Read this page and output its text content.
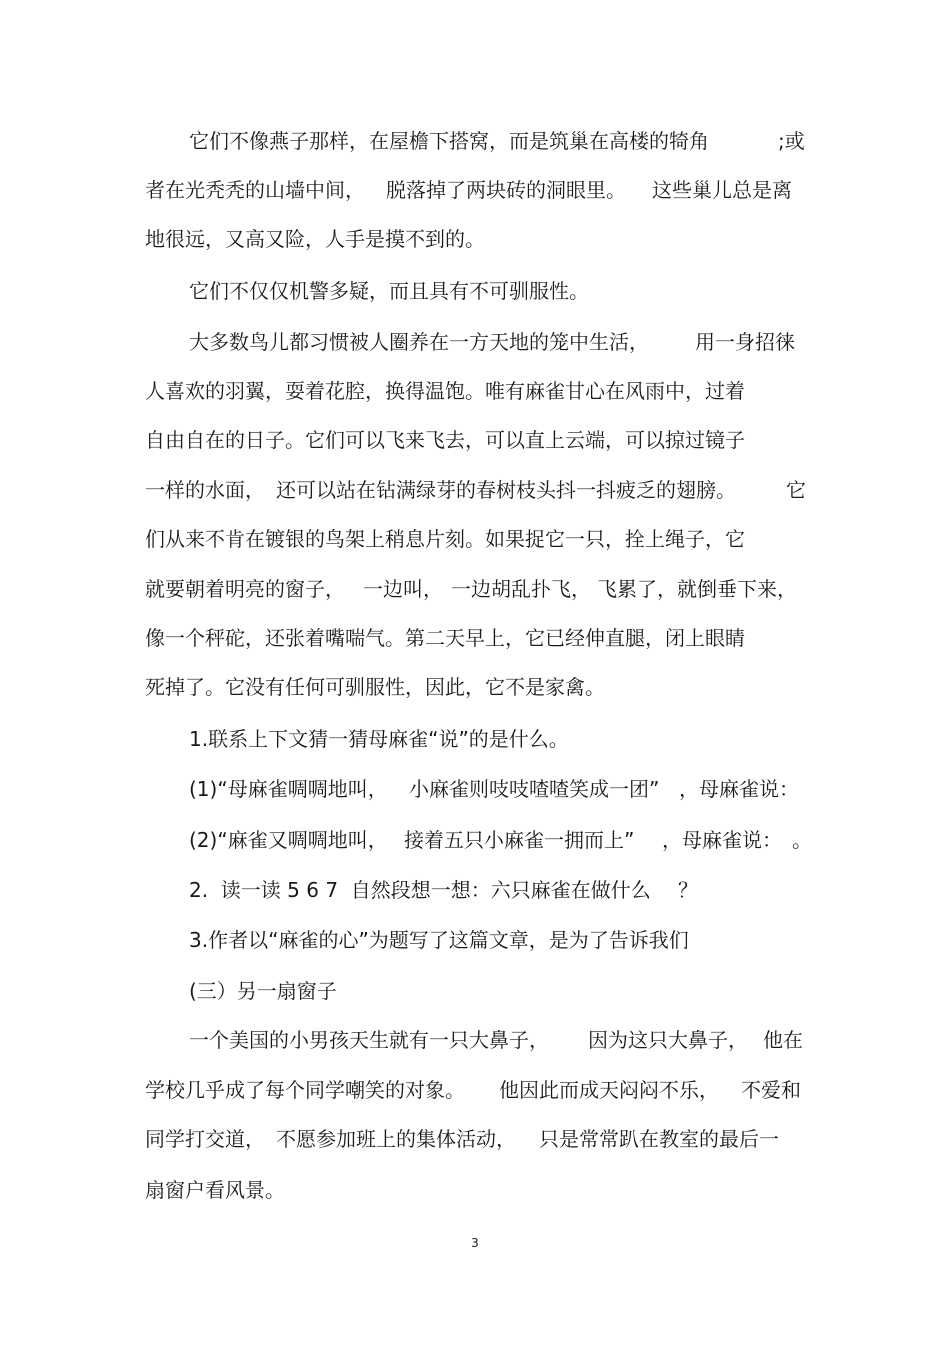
它们不像燕子那样，在屋檐下搭窝，而是筑巢在高楼的犄角	;或
者在光秃秃的山墙中间， 脱落掉了两块砖的洞眼里。 这些巢儿总是离
地很远，又高又险，人手是摸不到的。
它们不仅仅机警多疑，而且具有不可驯服性。
大多数鸟儿都习惯被人圈养在一方天地的笼中生活， 用一身招徕
人喜欢的羽翼，耍着花腔，换得温饱。唯有麻雀甘心在风雨中，过着
自由自在的日子。它们可以飞来飞去，可以直上云端，可以掠过镜子
一样的水面， 还可以站在钻满绿芽的春树枝头抖一抖疲乏的翅膀。	它
们从来不肯在镀银的鸟架上稍息片刻。如果捉它一只，拴上绳子，它
就要朝着明亮的窗子， 一边叫， 一边胡乱扑飞， 飞累了，就倒垂下来，
像一个秤砣，还张着嘴喘气。第二天早上，它已经伸直腿，闭上眼睛
死掉了。它没有任何可驯服性，因此，它不是家禽。
1.联系上下文猜一猜母麻雀“说”的是什么。
(1)“母麻雀啁啁地叫， 小麻雀则吱吱喳喳笑成一团” ，母麻雀说：
(2)“麻雀又啁啁地叫， 接着五只小麻雀一拥而上” ，母麻雀说： 。
2.  读一读 5 6 7  自然段想一想：六只麻雀在做什么 ？
3.作者以“麻雀的心”为题写了这篇文章，是为了告诉我们
(三）另一扇窗子
一个美国的小男孩天生就有一只大鼻子， 因为这只大鼻子， 他在
学校几乎成了每个同学嘲笑的对象。 他因此而成天闷闷不乐， 不爱和
同学打交道， 不愿参加班上的集体活动， 只是常常趴在教室的最后一
扇窗户看风景。
3
